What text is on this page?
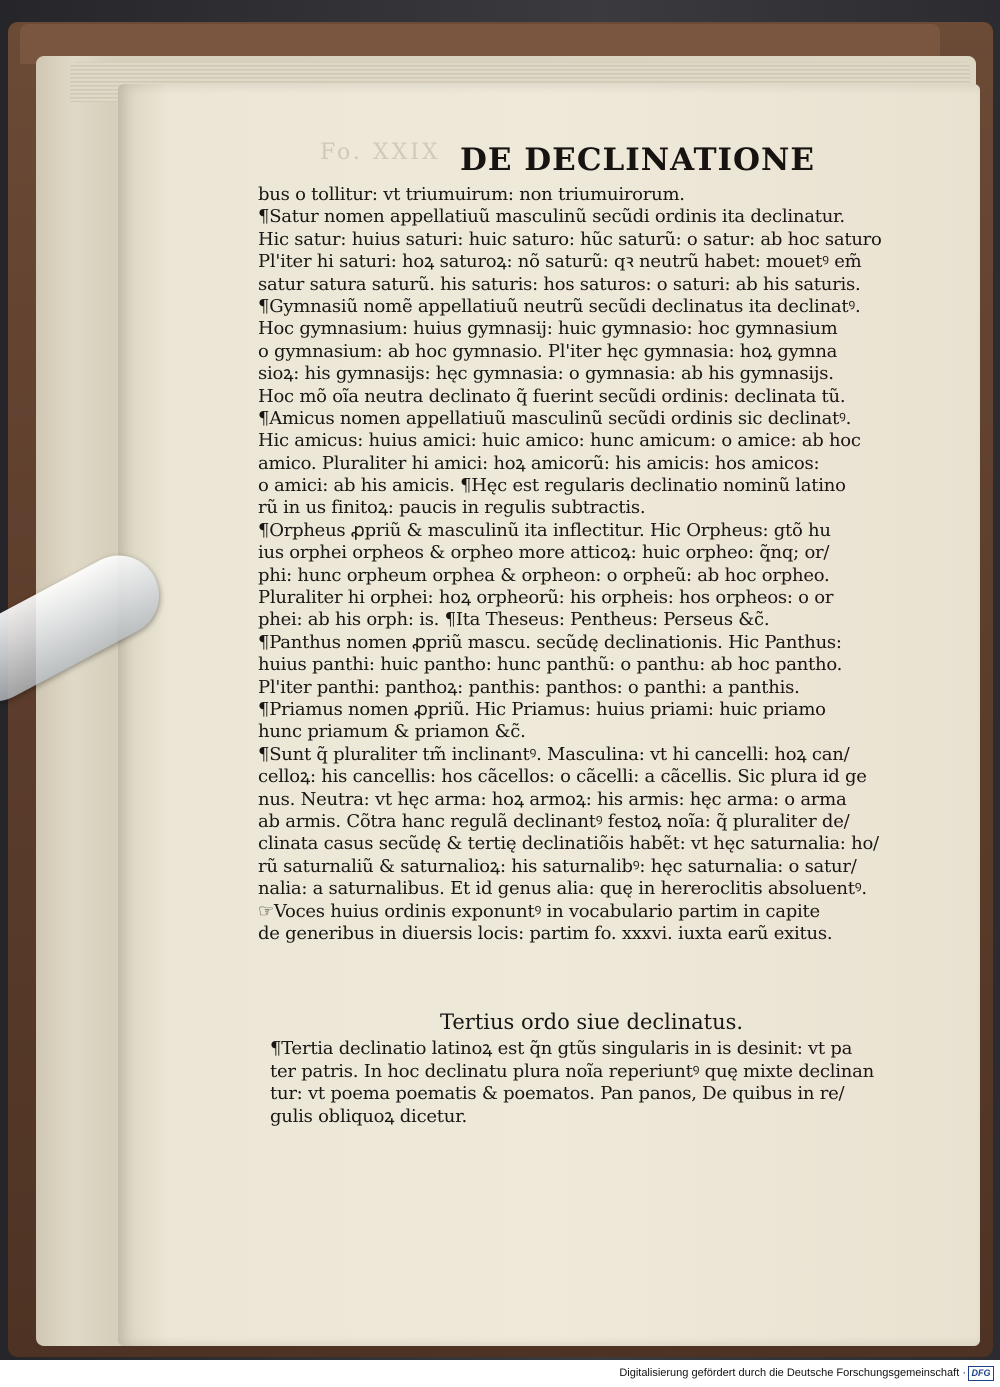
Fo. XXIX DE DECLINATIONE
bus o tollitur: vt triumuirum: non triumuirorum.
¶Satur nomen appellatiuũ masculinũ secũdi ordinis ita declinatur.
Hic satur: huius saturi: huic saturo: hũc saturũ: o satur: ab hoc saturo
Pl'iter hi saturi: hoꝝ saturoꝝ: nõ saturũ: qꝛ neutrũ habet: mouetꝰ em̃
satur satura saturũ. his saturis: hos saturos: o saturi: ab his saturis.
¶Gymnasiũ nomẽ appellatiuũ neutrũ secũdi declinatus ita declinatꝰ.
Hoc gymnasium: huius gymnasij: huic gymnasio: hoc gymnasium
o gymnasium: ab hoc gymnasio. Pl'iter hęc gymnasia: hoꝝ gymna
sioꝝ: his gymnasijs: hęc gymnasia: o gymnasia: ab his gymnasijs.
Hoc mõ oĩa neutra declinato q̃ fuerint secũdi ordinis: declinata tũ.
¶Amicus nomen appellatiuũ masculinũ secũdi ordinis sic declinatꝰ.
Hic amicus: huius amici: huic amico: hunc amicum: o amice: ab hoc
amico. Pluraliter hi amici: hoꝝ amicorũ: his amicis: hos amicos:
o amici: ab his amicis. ¶Hęc est regularis declinatio nominũ latino
rũ in us finitoꝝ: paucis in regulis subtractis.
¶Orpheus ꝓpriũ & masculinũ ita inflectitur. Hic Orpheus: gtõ hu
ius orphei orpheos & orpheo more atticoꝝ: huic orpheo: q̃nq; or/
phi: hunc orpheum orphea & orpheon: o orpheũ: ab hoc orpheo.
Pluraliter hi orphei: hoꝝ orpheorũ: his orpheis: hos orpheos: o or
phei: ab his orph: is. ¶Ita Theseus: Pentheus: Perseus &c̃.
¶Panthus nomen ꝓpriũ mascu. secũdę declinationis. Hic Panthus:
huius panthi: huic pantho: hunc panthũ: o panthu: ab hoc pantho.
Pl'iter panthi: panthoꝝ: panthis: panthos: o panthi: a panthis.
¶Priamus nomen ꝓpriũ. Hic Priamus: huius priami: huic priamo
hunc priamum & priamon &c̃.
¶Sunt q̃ pluraliter tm̃ inclinantꝰ. Masculina: vt hi cancelli: hoꝝ can/
celloꝝ: his cancellis: hos cãcellos: o cãcelli: a cãcellis. Sic plura id ge
nus. Neutra: vt hęc arma: hoꝝ armoꝝ: his armis: hęc arma: o arma
ab armis. Cõtra hanc regulã declinantꝰ festoꝝ noĩa: q̃ pluraliter de/
clinata casus secũdę & tertię declinatiõis habẽt: vt hęc saturnalia: ho/
rũ saturnaliũ & saturnalioꝝ: his saturnalibꝰ: hęc saturnalia: o satur/
nalia: a saturnalibus. Et id genus alia: quę in hereroclitis absoluentꝰ.
☞Voces huius ordinis exponuntꝰ in vocabulario partim in capite
de generibus in diuersis locis: partim fo. xxxvi. iuxta earũ exitus.
Tertius ordo siue declinatus.
¶Tertia declinatio latinoꝝ est q̃n gtũs singularis in is desinit: vt pa
ter patris. In hoc declinatu plura noĩa reperiuntꝰ quę mixte declinan
tur: vt poema poematis & poematos. Pan panos, De quibus in re/
gulis obliquoꝝ dicetur.
Digitalisierung gefördert durch die Deutsche Forschungsgemeinschaft · DFG
